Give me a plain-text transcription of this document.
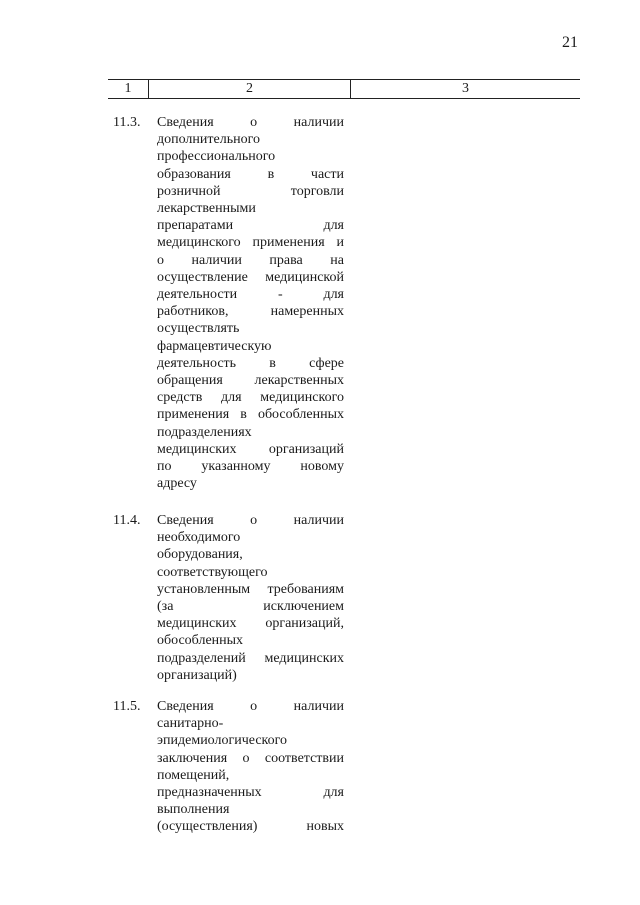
21
1	2	3
11.3. Сведения о наличии
дополнительного
профессионального
образования в части
розничной торговли
лекарственными
препаратами для
медицинского применения и
о наличии права на
осуществление медицинской
деятельности - для
работников, намеренных
осуществлять
фармацевтическую
деятельность в сфере
обращения лекарственных
средств для медицинского
применения в обособленных
подразделениях
медицинских организаций
по указанному новому
адресу
11.4. Сведения о наличии
необходимого
оборудования,
соответствующего
установленным требованиям
(за исключением
медицинских организаций,
обособленных
подразделений медицинских
организаций)
11.5. Сведения о наличии
санитарно-
эпидемиологического
заключения о соответствии
помещений,
предназначенных для
выполнения
(осуществления) новых
